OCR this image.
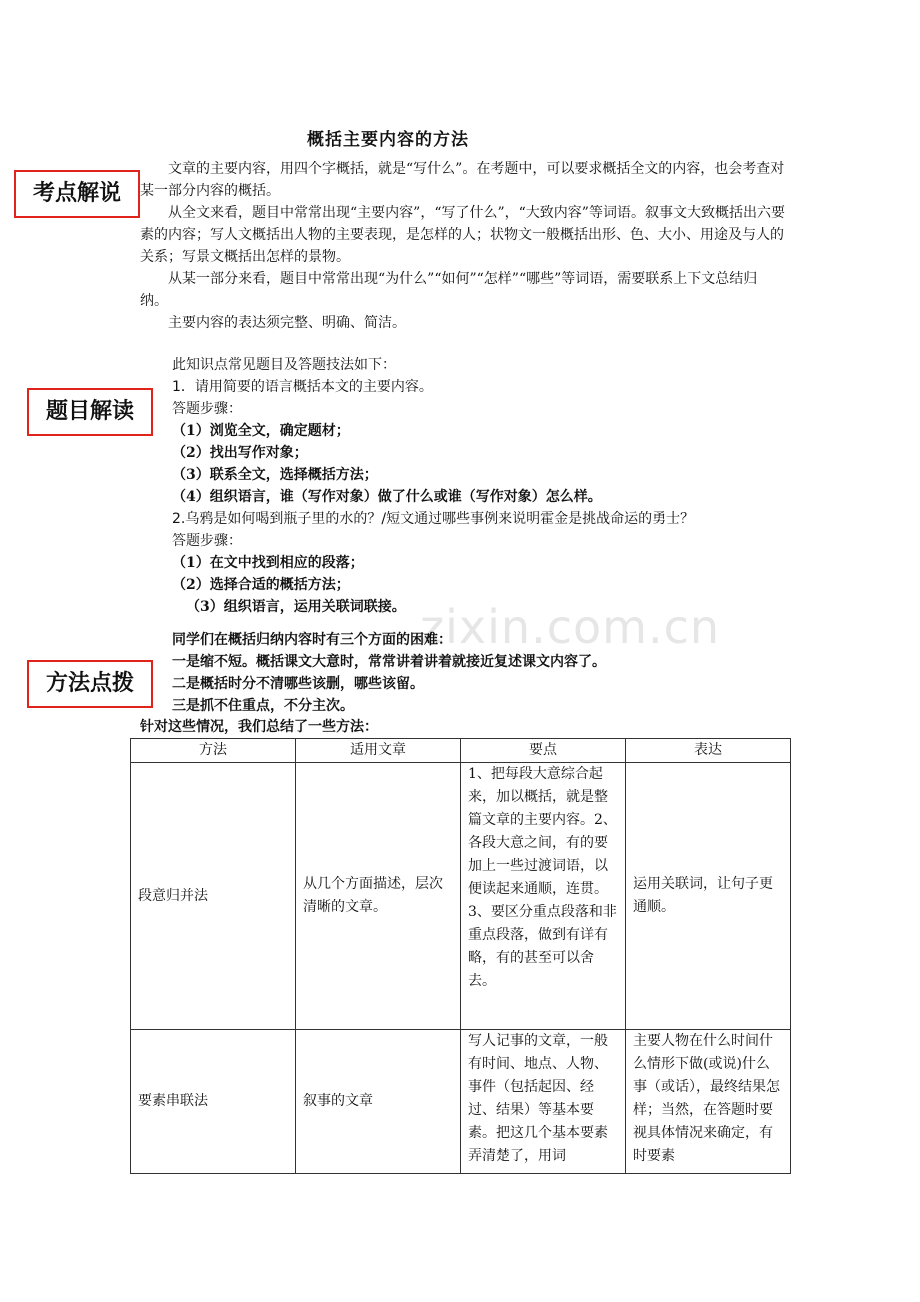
概括主要内容的方法
考点解说

文章的主要内容，用四个字概括，就是“写什么”。在考题中，可以要求概括全文的内容，也会考查对某一部分内容的概括。

从全文来看，题目中常常出现“主要内容”，“写了什么”，“大致内容”等词语。叙事文大致概括出六要素的内容；写人文概括出人物的主要表现，是怎样的人；状物文一般概括出形、色、大小、用途及与人的关系；写景文概括出怎样的景物。

从某一部分来看，题目中常常出现“为什么”“如何”“怎样”“哪些”等词语，需要联系上下文总结归纳。

主要内容的表达须完整、明确、简洁。

题目解读
此知识点常见题目及答题技法如下：
1．请用简要的语言概括本文的主要内容。
答题步骤：
（1）浏览全文，确定题材；
（2）找出写作对象；
（3）联系全文，选择概括方法；
（4）组织语言，谁（写作对象）做了什么或谁（写作对象）怎么样。
2.乌鸦是如何喝到瓶子里的水的？/短文通过哪些事例来说明霍金是挑战命运的勇士？
答题步骤：
（1）在文中找到相应的段落；
（2）选择合适的概括方法；
（3）组织语言，运用关联词联接。 zixin.com.cn
方法点拨
同学们在概括归纳内容时有三个方面的困难：
一是缩不短。概括课文大意时，常常讲着讲着就接近复述课文内容了。
二是概括时分不清哪些该删，哪些该留。
三是抓不住重点，不分主次。
针对这些情况，我们总结了一些方法：
方法	适用文章	要点	表达
段意归并法	从几个方面描述，层次清晰的文章。	1、把每段大意综合起来，加以概括，就是整篇文章的主要内容。2、各段大意之间，有的要加上一些过渡词语，以便读起来通顺，连贯。3、要区分重点段落和非重点段落，做到有详有略，有的甚至可以舍去。	运用关联词，让句子更通顺。
要素串联法	叙事的文章	写人记事的文章，一般有时间、地点、人物、事件（包括起因、经过、结果）等基本要素。把这几个基本要素弄清楚了，用词	主要人物在什么时间什么情形下做(或说)什么事（或话），最终结果怎样；当然，在答题时要视具体情况来确定，有时要素
